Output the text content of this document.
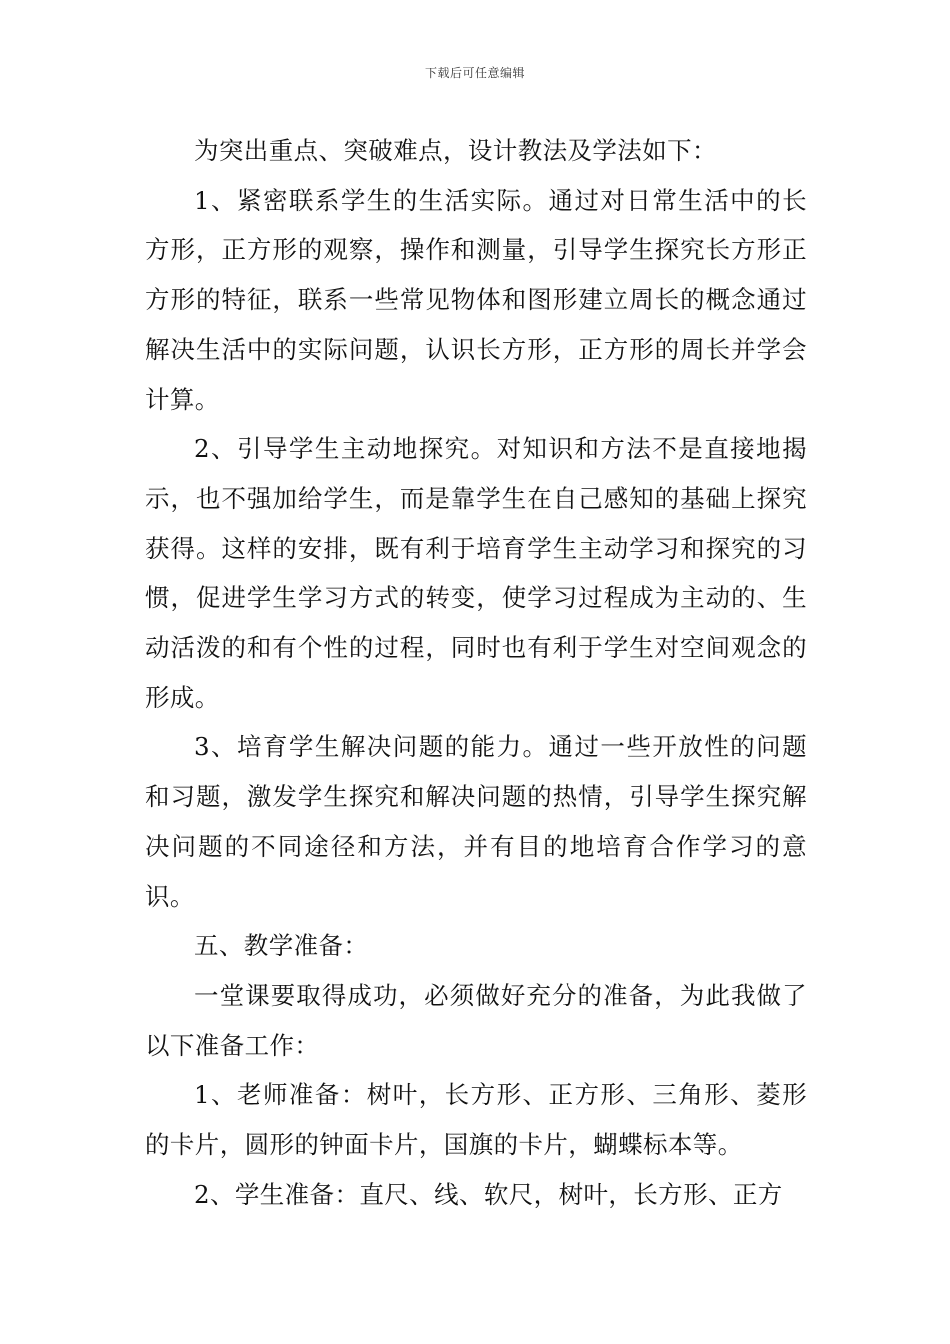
下载后可任意编辑

为突出重点、突破难点，设计教法及学法如下：

1、紧密联系学生的生活实际。通过对日常生活中的长方形，正方形的观察，操作和测量，引导学生探究长方形正方形的特征，联系一些常见物体和图形建立周长的概念通过解决生活中的实际问题，认识长方形，正方形的周长并学会计算。

2、引导学生主动地探究。对知识和方法不是直接地揭示，也不强加给学生，而是靠学生在自己感知的基础上探究获得。这样的安排，既有利于培育学生主动学习和探究的习惯，促进学生学习方式的转变，使学习过程成为主动的、生动活泼的和有个性的过程，同时也有利于学生对空间观念的形成。

3、培育学生解决问题的能力。通过一些开放性的问题和习题，激发学生探究和解决问题的热情，引导学生探究解决问题的不同途径和方法，并有目的地培育合作学习的意识。

五、教学准备：

一堂课要取得成功，必须做好充分的准备，为此我做了以下准备工作：

1、老师准备：树叶，长方形、正方形、三角形、菱形的卡片，圆形的钟面卡片，国旗的卡片，蝴蝶标本等。

2、学生准备：直尺、线、软尺，树叶，长方形、正方
